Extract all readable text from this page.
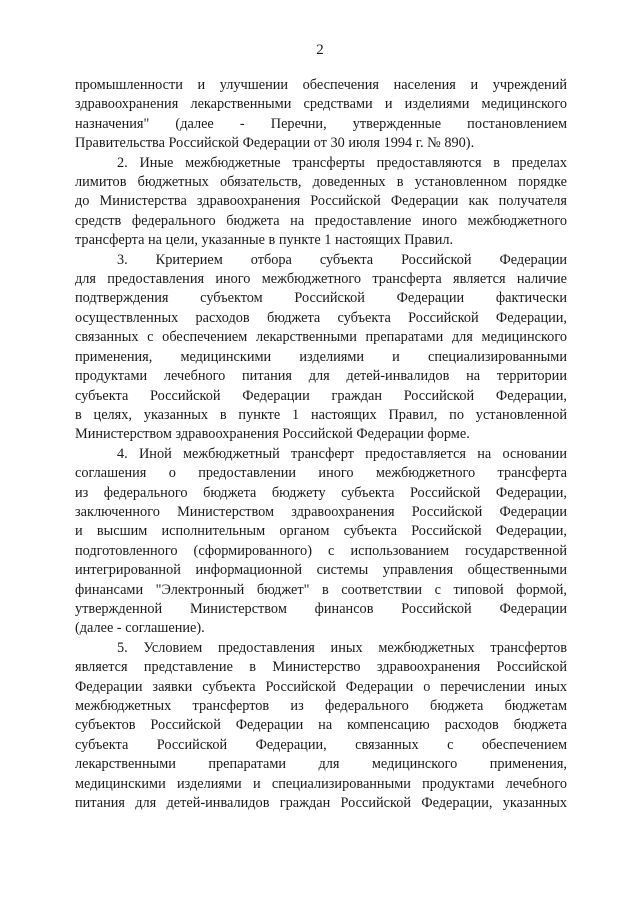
2
промышленности и улучшении обеспечения населения и учреждений
здравоохранения лекарственными средствами и изделиями медицинского
назначения" (далее - Перечни, утвержденные постановлением
Правительства Российской Федерации от 30 июля 1994 г. № 890).
2. Иные межбюджетные трансферты предоставляются в пределах
лимитов бюджетных обязательств, доведенных в установленном порядке
до Министерства здравоохранения Российской Федерации как получателя
средств федерального бюджета на предоставление иного межбюджетного
трансферта на цели, указанные в пункте 1 настоящих Правил.
3. Критерием отбора субъекта Российской Федерации
для предоставления иного межбюджетного трансферта является наличие
подтверждения субъектом Российской Федерации фактически
осуществленных расходов бюджета субъекта Российской Федерации,
связанных с обеспечением лекарственными препаратами для медицинского
применения, медицинскими изделиями и специализированными
продуктами лечебного питания для детей-инвалидов на территории
субъекта Российской Федерации граждан Российской Федерации,
в целях, указанных в пункте 1 настоящих Правил, по установленной
Министерством здравоохранения Российской Федерации форме.
4. Иной межбюджетный трансферт предоставляется на основании
соглашения о предоставлении иного межбюджетного трансферта
из федерального бюджета бюджету субъекта Российской Федерации,
заключенного Министерством здравоохранения Российской Федерации
и высшим исполнительным органом субъекта Российской Федерации,
подготовленного (сформированного) с использованием государственной
интегрированной информационной системы управления общественными
финансами "Электронный бюджет" в соответствии с типовой формой,
утвержденной Министерством финансов Российской Федерации
(далее - соглашение).
5. Условием предоставления иных межбюджетных трансфертов
является представление в Министерство здравоохранения Российской
Федерации заявки субъекта Российской Федерации о перечислении иных
межбюджетных трансфертов из федерального бюджета бюджетам
субъектов Российской Федерации на компенсацию расходов бюджета
субъекта Российской Федерации, связанных с обеспечением
лекарственными препаратами для медицинского применения,
медицинскими изделиями и специализированными продуктами лечебного
питания для детей-инвалидов граждан Российской Федерации, указанных
